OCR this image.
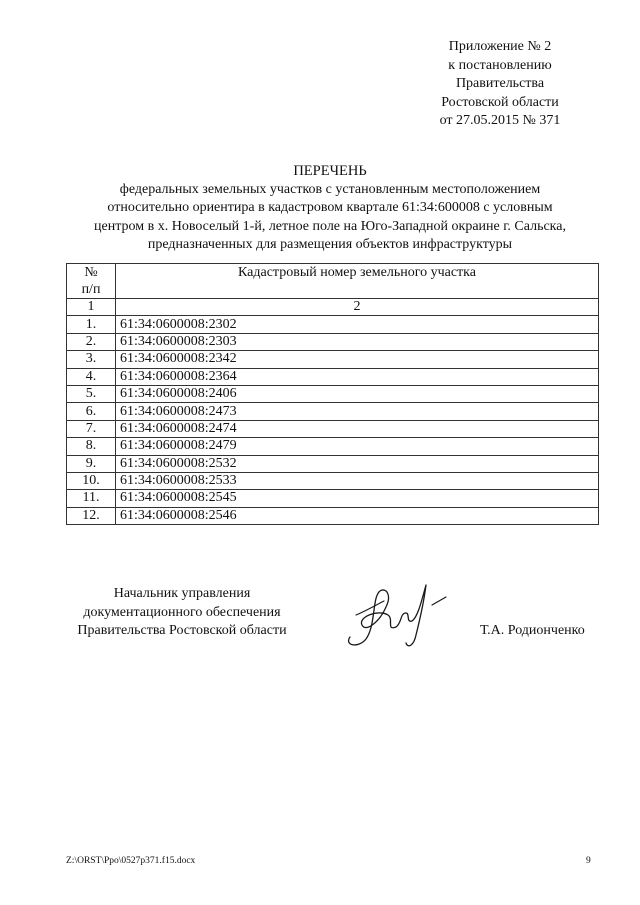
Приложение № 2
к постановлению
Правительства
Ростовской области
от 27.05.2015 № 371
ПЕРЕЧЕНЬ
федеральных земельных участков с установленным местоположением
относительно ориентира в кадастровом квартале 61:34:600008 с условным
центром в х. Новоселый 1-й, летное поле на Юго-Западной окраине г. Сальска,
предназначенных для размещения объектов инфраструктуры
№
п/п	Кадастровый номер земельного участка
1	2
1.	61:34:0600008:2302
2.	61:34:0600008:2303
3.	61:34:0600008:2342
4.	61:34:0600008:2364
5.	61:34:0600008:2406
6.	61:34:0600008:2473
7.	61:34:0600008:2474
8.	61:34:0600008:2479
9.	61:34:0600008:2532
10.	61:34:0600008:2533
11.	61:34:0600008:2545
12.	61:34:0600008:2546
Начальник управления
документационного обеспечения
Правительства Ростовской области	Т.А. Родионченко
Z:\ORST\Ppo\0527p371.f15.docx	9
